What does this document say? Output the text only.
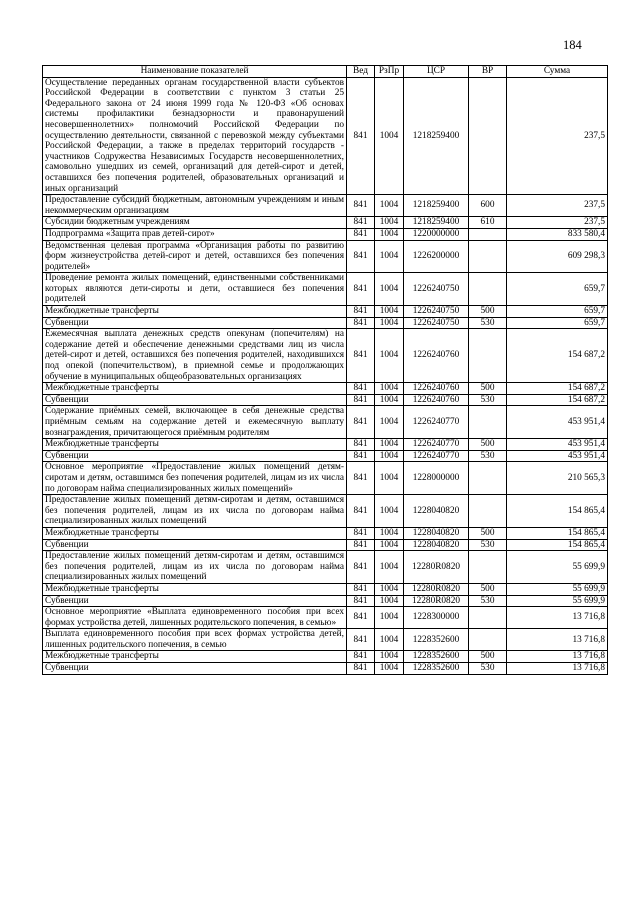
184
Наименование показателей	Вед	РзПр	ЦСР	ВР	Сумма
Осуществление переданных органам государственной власти субъектов Российской Федерации в соответствии с пунктом 3 статьи 25 Федерального закона от 24 июня 1999 года № 120-ФЗ «Об основах системы профилактики безнадзорности и правонарушений несовершеннолетних» полномочий Российской Федерации по осуществлению деятельности, связанной с перевозкой между субъектами Российской Федерации, а также в пределах территорий государств - участников Содружества Независимых Государств несовершеннолетних, самовольно ушедших из семей, организаций для детей-сирот и детей, оставшихся без попечения родителей, образовательных организаций и иных организаций	841	1004	1218259400		237,5
Предоставление субсидий бюджетным, автономным учреждениям и иным некоммерческим организациям	841	1004	1218259400	600	237,5
Субсидии бюджетным учреждениям	841	1004	1218259400	610	237,5
Подпрограмма «Защита прав детей-сирот»	841	1004	1220000000		833 580,4
Ведомственная целевая программа «Организация работы по развитию форм жизнеустройства детей-сирот и детей, оставшихся без попечения родителей»	841	1004	1226200000		609 298,3
Проведение ремонта жилых помещений, единственными собственниками которых являются дети-сироты и дети, оставшиеся без попечения родителей	841	1004	1226240750		659,7
Межбюджетные трансферты	841	1004	1226240750	500	659,7
Субвенции	841	1004	1226240750	530	659,7
Ежемесячная выплата денежных средств опекунам (попечителям) на содержание детей и обеспечение денежными средствами лиц из числа детей-сирот и детей, оставшихся без попечения родителей, находившихся под опекой (попечительством), в приемной семье и продолжающих обучение в муниципальных общеобразовательных организациях	841	1004	1226240760		154 687,2
Межбюджетные трансферты	841	1004	1226240760	500	154 687,2
Субвенции	841	1004	1226240760	530	154 687,2
Содержание приёмных семей, включающее в себя денежные средства приёмным семьям на содержание детей и ежемесячную выплату вознаграждения, причитающегося приёмным родителям	841	1004	1226240770		453 951,4
Межбюджетные трансферты	841	1004	1226240770	500	453 951,4
Субвенции	841	1004	1226240770	530	453 951,4
Основное мероприятие «Предоставление жилых помещений детям-сиротам и детям, оставшимся без попечения родителей, лицам из их числа по договорам найма специализированных жилых помещений»	841	1004	1228000000		210 565,3
Предоставление жилых помещений детям-сиротам и детям, оставшимся без попечения родителей, лицам из их числа по договорам найма специализированных жилых помещений	841	1004	1228040820		154 865,4
Межбюджетные трансферты	841	1004	1228040820	500	154 865,4
Субвенции	841	1004	1228040820	530	154 865,4
Предоставление жилых помещений детям-сиротам и детям, оставшимся без попечения родителей, лицам из их числа по договорам найма специализированных жилых помещений	841	1004	12280R0820		55 699,9
Межбюджетные трансферты	841	1004	12280R0820	500	55 699,9
Субвенции	841	1004	12280R0820	530	55 699,9
Основное мероприятие «Выплата единовременного пособия при всех формах устройства детей, лишенных родительского попечения, в семью»	841	1004	1228300000		13 716,8
Выплата единовременного пособия при всех формах устройства детей, лишенных родительского попечения, в семью	841	1004	1228352600		13 716,8
Межбюджетные трансферты	841	1004	1228352600	500	13 716,8
Субвенции	841	1004	1228352600	530	13 716,8
